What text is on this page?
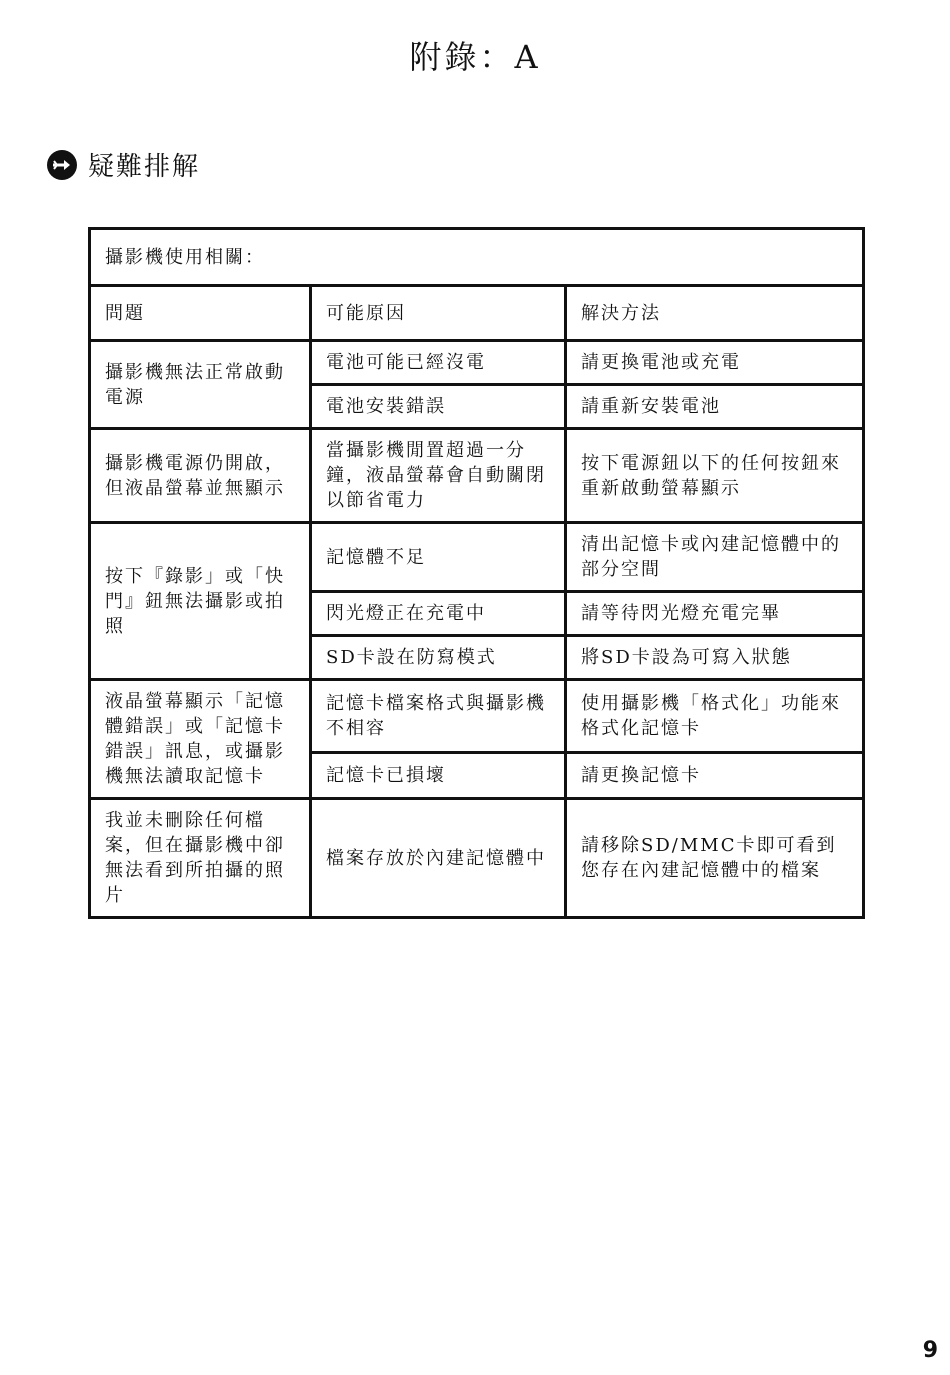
附錄：A
疑難排解
攝影機使用相關：		
問題	可能原因	解決方法
攝影機無法正常啟動電源	電池可能已經沒電	請更換電池或充電
	電池安裝錯誤	請重新安裝電池
攝影機電源仍開啟，但液晶螢幕並無顯示	當攝影機閒置超過一分鐘，液晶螢幕會自動關閉以節省電力	按下電源鈕以下的任何按鈕來重新啟動螢幕顯示
按下『錄影」或「快門』鈕無法攝影或拍照	記憶體不足	清出記憶卡或內建記憶體中的部分空間
	閃光燈正在充電中	請等待閃光燈充電完畢
	SD卡設在防寫模式	將SD卡設為可寫入狀態
液晶螢幕顯示「記憶體錯誤」或「記憶卡錯誤」訊息，或攝影機無法讀取記憶卡	記憶卡檔案格式與攝影機不相容	使用攝影機「格式化」功能來格式化記憶卡
	記憶卡已損壞	請更換記憶卡
我並未刪除任何檔案，但在攝影機中卻無法看到所拍攝的照片	檔案存放於內建記憶體中	請移除SD/MMC卡即可看到您存在內建記憶體中的檔案
9
